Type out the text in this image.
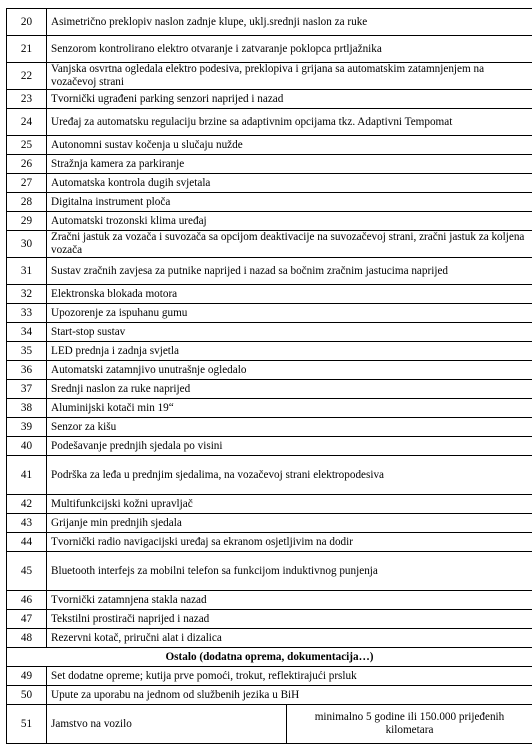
20	Asimetrično preklopiv naslon zadnje klupe, uklj.srednji naslon za ruke	
21	Senzorom kontrolirano elektro otvaranje i zatvaranje poklopca prtljažnika	
22	Vanjska osvrtna ogledala elektro podesiva, preklopiva i grijana sa automatskim zatamnjenjem na vozačevoj strani	
23	Tvornički ugrađeni parking senzori naprijed i nazad	
24	Uređaj za automatsku regulaciju brzine sa adaptivnim opcijama tkz. Adaptivni Tempomat	
25	Autonomni sustav kočenja u slučaju nužde	
26	Stražnja kamera za parkiranje	
27	Automatska kontrola dugih svjetala	
28	Digitalna instrument ploča	
29	Automatski trozonski klima uređaj	
30	Zračni jastuk za vozača i suvozača sa opcijom deaktivacije na suvozačevoj strani, zračni jastuk za koljena vozača	
31	Sustav zračnih zavjesa za putnike naprijed i nazad sa bočnim zračnim jastucima naprijed	
32	Elektronska blokada motora	
33	Upozorenje za ispuhanu gumu	
34	Start-stop sustav	
35	LED prednja i zadnja svjetla	
36	Automatski zatamnjivo unutrašnje ogledalo	
37	Srednji naslon za ruke naprijed	
38	Aluminijski kotači min 19“	
39	Senzor za kišu	
40	Podešavanje prednjih sjedala po visini	
41	Podrška za leđa u prednjim sjedalima, na vozačevoj strani elektropodesiva	
42	Multifunkcijski kožni upravljač	
43	Grijanje min prednjih sjedala	
44	Tvornički radio navigacijski uređaj sa ekranom osjetljivim na dodir	
45	Bluetooth interfejs za mobilni telefon sa funkcijom induktivnog punjenja	
46	Tvornički zatamnjena stakla nazad	
47	Tekstilni prostirači naprijed i nazad	
48	Rezervni kotač, priručni alat i dizalica	
Ostalo (dodatna oprema, dokumentacija…)		
49	Set dodatne opreme; kutija prve pomoći, trokut, reflektirajući prsluk	
50	Upute za uporabu na jednom od službenih jezika u BiH	
51	Jamstvo na vozilo	minimalno 5 godine ili 150.000 prijeđenih kilometara
